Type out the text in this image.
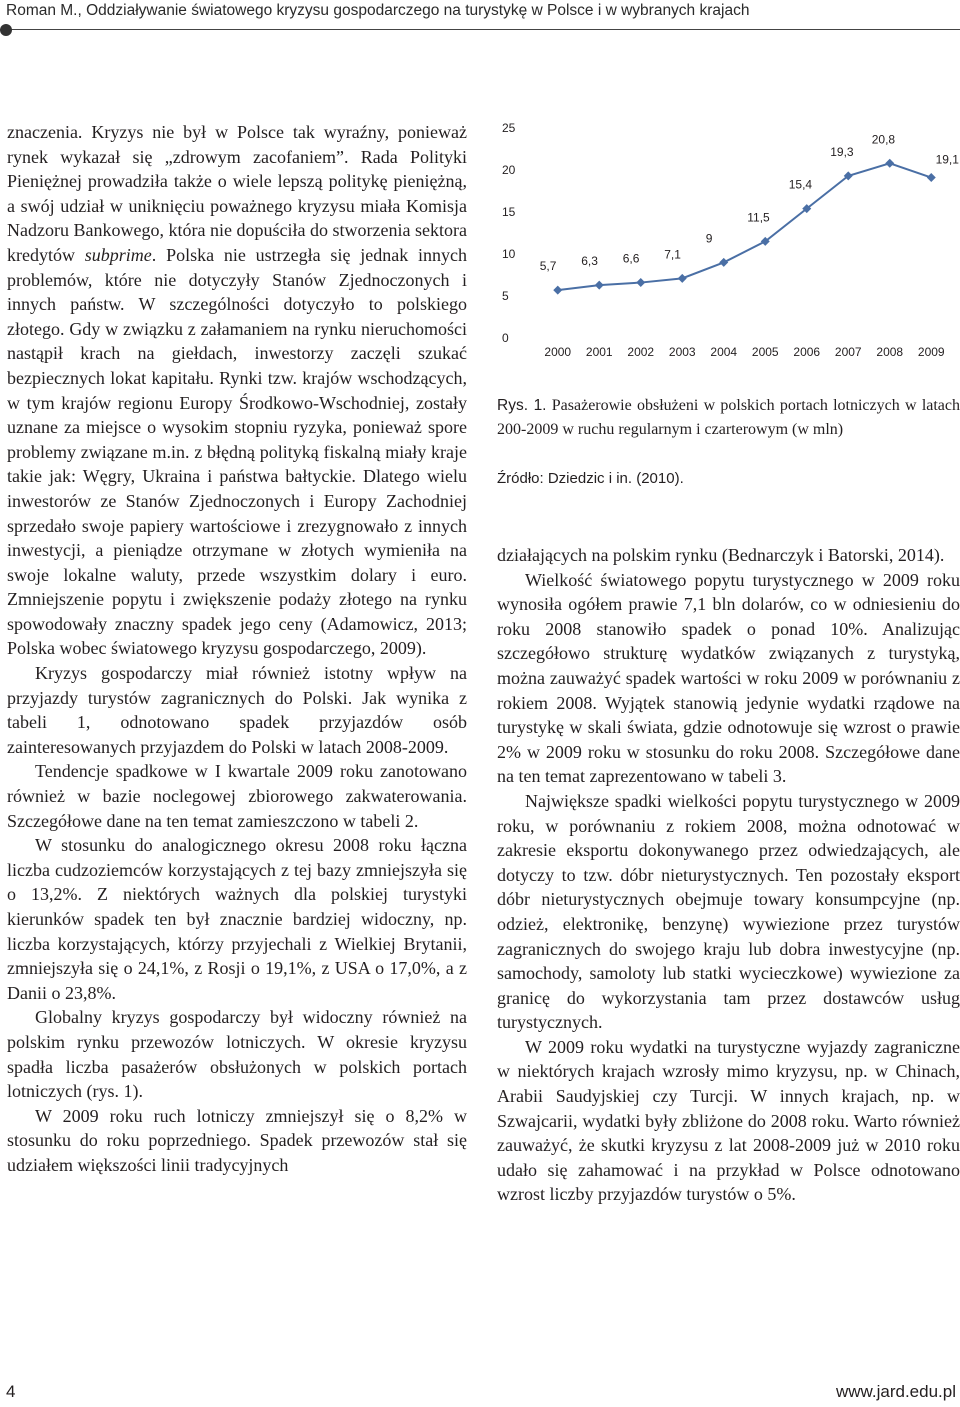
Roman M., Oddziaływanie światowego kryzysu gospodarczego na turystykę w Polsce i w wybranych krajach

znaczenia. Kryzys nie był w Polsce tak wyraźny, ponieważ rynek wykazał się „zdrowym zacofaniem”. Rada Polityki Pieniężnej prowadziła także o wiele lepszą politykę pieniężną, a swój udział w uniknięciu poważnego kryzysu miała Komisja Nadzoru Bankowego, która nie dopuściła do stworzenia sektora kredytów subprime. Polska nie ustrzegła się jednak innych problemów, które nie dotyczyły Stanów Zjednoczonych i innych państw. W szczególności dotyczyło to polskiego złotego. Gdy w związku z załamaniem na rynku nieruchomości nastąpił krach na giełdach, inwestorzy zaczęli szukać bezpiecznych lokat kapitału. Rynki tzw. krajów wschodzących, w tym krajów regionu Europy Środkowo-Wschodniej, zostały uznane za miejsce o wysokim stopniu ryzyka, ponieważ spore problemy związane m.in. z błędną polityką fiskalną miały kraje takie jak: Węgry, Ukraina i państwa bałtyckie. Dlatego wielu inwestorów ze Stanów Zjednoczonych i Europy Zachodniej sprzedało swoje papiery wartościowe i zrezygnowało z innych inwestycji, a pieniądze otrzymane w złotych wymieniła na swoje lokalne waluty, przede wszystkim dolary i euro. Zmniejszenie popytu i zwiększenie podaży złotego na rynku spowodowały znaczny spadek jego ceny (Adamowicz, 2013; Polska wobec światowego kryzysu gospodarczego, 2009).

Kryzys gospodarczy miał również istotny wpływ na przyjazdy turystów zagranicznych do Polski. Jak wynika z tabeli 1, odnotowano spadek przyjazdów osób zainteresowanych przyjazdem do Polski w latach 2008-2009.

Tendencje spadkowe w I kwartale 2009 roku zanotowano również w bazie noclegowej zbiorowego zakwaterowania. Szczegółowe dane na ten temat zamieszczono w tabeli 2.

W stosunku do analogicznego okresu 2008 roku łączna liczba cudzoziemców korzystających z tej bazy zmniejszyła się o 13,2%. Z niektórych ważnych dla polskiej turystyki kierunków spadek ten był znacznie bardziej widoczny, np. liczba korzystających, którzy przyjechali z Wielkiej Brytanii, zmniejszyła się o 24,1%, z Rosji o 19,1%, z USA o 17,0%, a z Danii o 23,8%.

Globalny kryzys gospodarczy był widoczny również na polskim rynku przewozów lotniczych. W okresie kryzysu spadła liczba pasażerów obsłużonych w polskich portach lotniczych (rys. 1).

W 2009 roku ruch lotniczy zmniejszył się o 8,2% w stosunku do roku poprzedniego. Spadek przewozów stał się udziałem większości linii tradycyjnych

0
5
10
15
20
25
2000 2001 2002 2003 2004 2005 2006 2007 2008 2009
5,7 6,3 6,6 7,1
9
11,5
15,4
19,3
20,8
19,1
Rys. 1. Pasażerowie obsłużeni w polskich portach lotniczych w latach 200-2009 w ruchu regularnym i czarterowym (w mln)
Źródło: Dziedzic i in. (2010).

działających na polskim rynku (Bednarczyk i Batorski, 2014).

Wielkość światowego popytu turystycznego w 2009 roku wynosiła ogółem prawie 7,1 bln dolarów, co w odniesieniu do roku 2008 stanowiło spadek o ponad 10%. Analizując szczegółowo strukturę wydatków związanych z turystyką, można zauważyć spadek wartości w roku 2009 w porównaniu z rokiem 2008. Wyjątek stanowią jedynie wydatki rządowe na turystykę w skali świata, gdzie odnotowuje się wzrost o prawie 2% w 2009 roku w stosunku do roku 2008. Szczegółowe dane na ten temat zaprezentowano w tabeli 3.

Największe spadki wielkości popytu turystycznego w 2009 roku, w porównaniu z rokiem 2008, można odnotować w zakresie eksportu dokonywanego przez odwiedzających, ale dotyczy to tzw. dóbr nieturystycznych. Ten pozostały eksport dóbr nieturystycznych obejmuje towary konsumpcyjne (np. odzież, elektronikę, benzynę) wywiezione przez turystów zagranicznych do swojego kraju lub dobra inwestycyjne (np. samochody, samoloty lub statki wycieczkowe) wywiezione za granicę do wykorzystania tam przez dostawców usług turystycznych.

W 2009 roku wydatki na turystyczne wyjazdy zagraniczne w niektórych krajach wzrosły mimo kryzysu, np. w Chinach, Arabii Saudyjskiej czy Turcji. W innych krajach, np. w Szwajcarii, wydatki były zbliżone do 2008 roku. Warto również zauważyć, że skutki kryzysu z lat 2008-2009 już w 2010 roku udało się zahamować i na przykład w Polsce odnotowano wzrost liczby przyjazdów turystów o 5%.

4	www.jard.edu.pl
